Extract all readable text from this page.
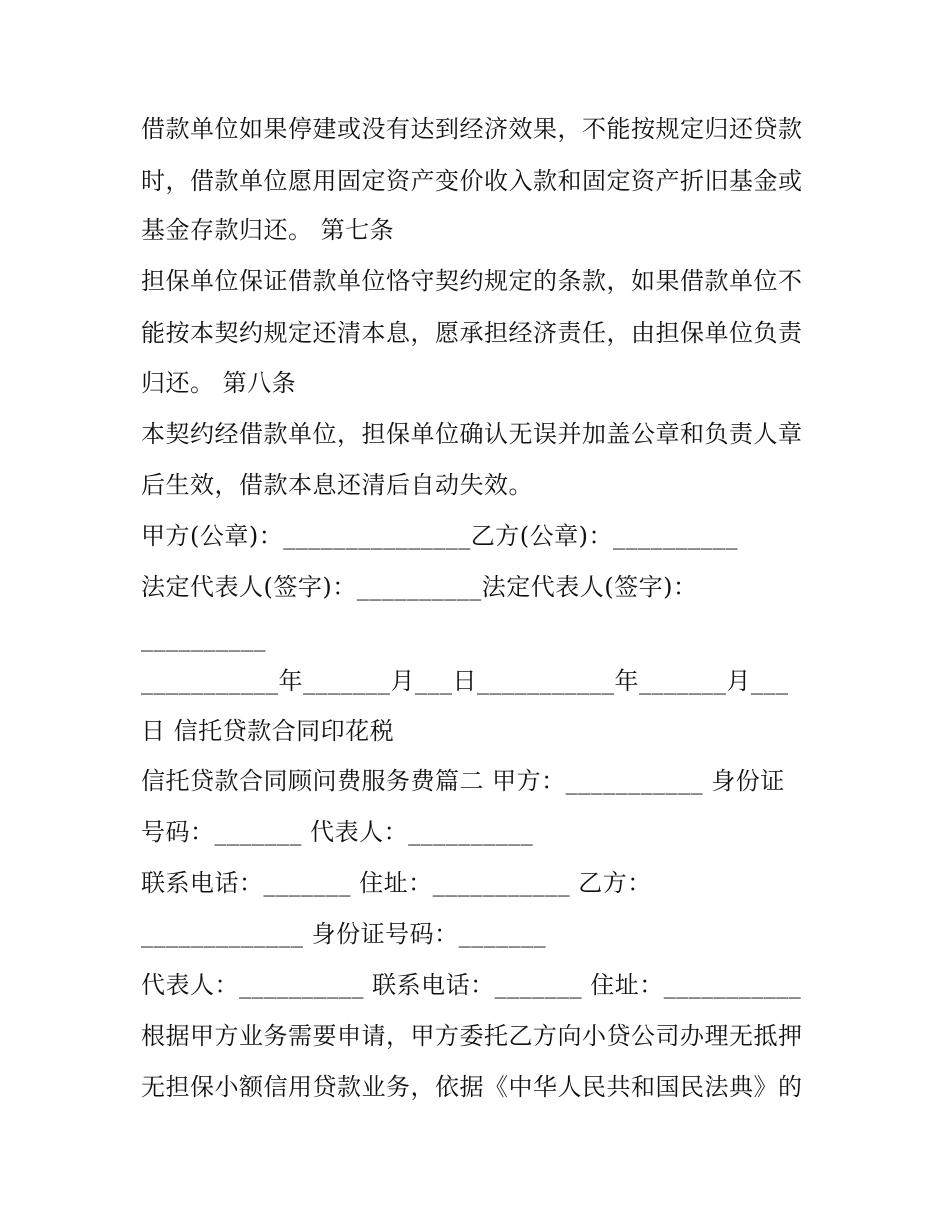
借款单位如果停建或没有达到经济效果，不能按规定归还贷款
时，借款单位愿用固定资产变价收入款和固定资产折旧基金或
基金存款归还。 第七条
担保单位保证借款单位恪守契约规定的条款，如果借款单位不
能按本契约规定还清本息，愿承担经济责任，由担保单位负责
归还。 第八条
本契约经借款单位，担保单位确认无误并加盖公章和负责人章
后生效，借款本息还清后自动失效。
甲方(公章)：_______________乙方(公章)：__________
法定代表人(签字)：__________法定代表人(签字)：
__________
___________年_______月___日___________年_______月___
日 信托贷款合同印花税
信托贷款合同顾问费服务费篇二 甲方：___________ 身份证
号码：_______ 代表人：__________
联系电话：_______ 住址：___________ 乙方：
_____________ 身份证号码：_______
代表人：__________ 联系电话：_______ 住址：___________
根据甲方业务需要申请，甲方委托乙方向小贷公司办理无抵押
无担保小额信用贷款业务，依据《中华人民共和国民法典》的
